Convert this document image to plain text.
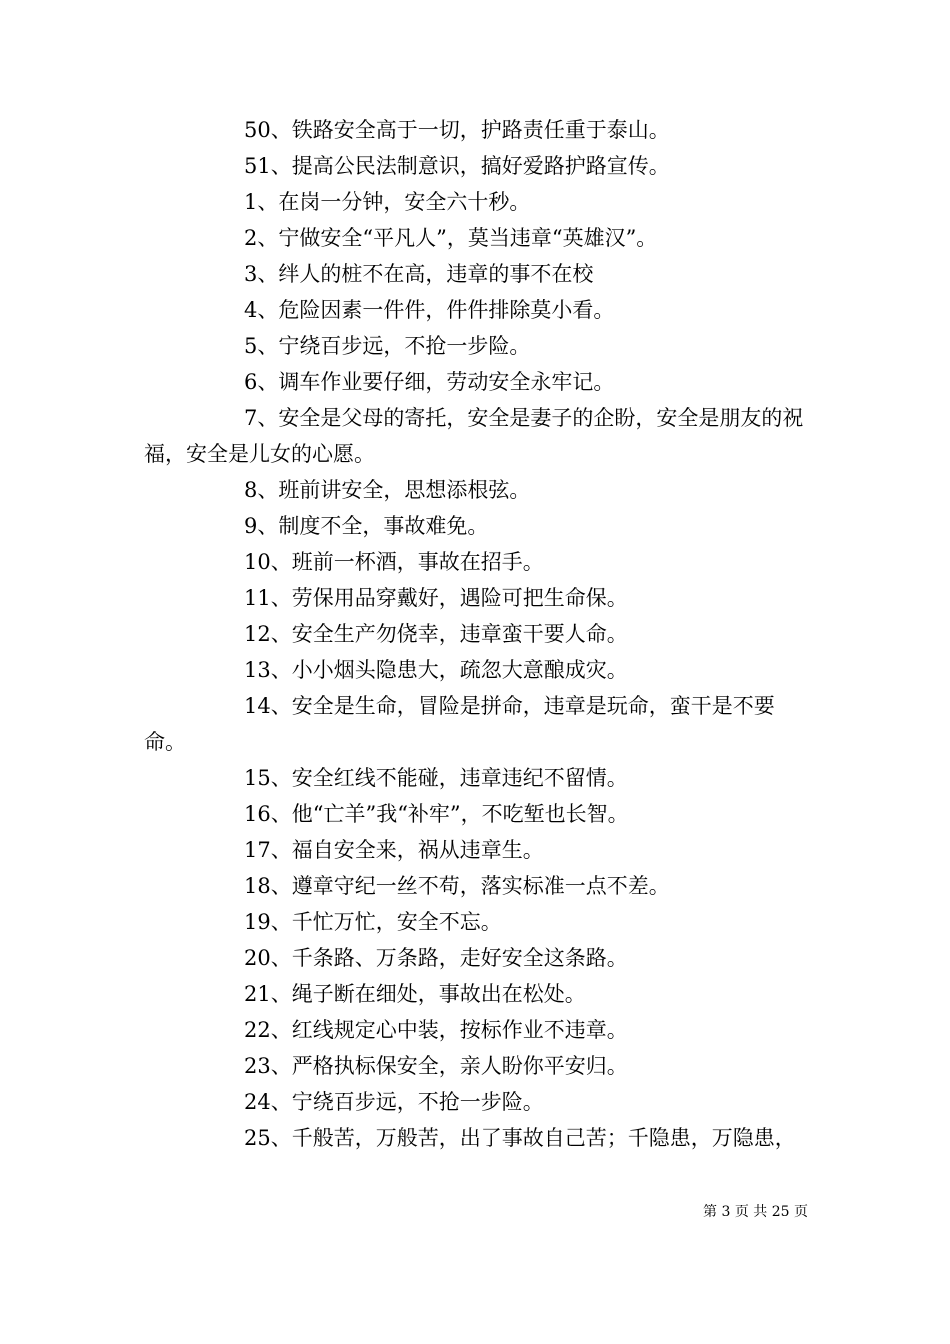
50、铁路安全高于一切，护路责任重于泰山。

51、提高公民法制意识，搞好爱路护路宣传。

1、在岗一分钟，安全六十秒。

2、宁做安全“平凡人”，莫当违章“英雄汉”。

3、绊人的桩不在高，违章的事不在校

4、危险因素一件件，件件排除莫小看。

5、宁绕百步远，不抢一步险。

6、调车作业要仔细，劳动安全永牢记。

7、安全是父母的寄托，安全是妻子的企盼，安全是朋友的祝福，安全是儿女的心愿。

8、班前讲安全，思想添根弦。

9、制度不全，事故难免。

10、班前一杯酒，事故在招手。

11、劳保用品穿戴好，遇险可把生命保。

12、安全生产勿侥幸，违章蛮干要人命。

13、小小烟头隐患大，疏忽大意酿成灾。

14、安全是生命，冒险是拼命，违章是玩命，蛮干是不要命。

15、安全红线不能碰，违章违纪不留情。

16、他“亡羊”我“补牢”，不吃堑也长智。

17、福自安全来，祸从违章生。

18、遵章守纪一丝不苟，落实标准一点不差。

19、千忙万忙，安全不忘。

20、千条路、万条路，走好安全这条路。

21、绳子断在细处，事故出在松处。

22、红线规定心中装，按标作业不违章。

23、严格执标保安全，亲人盼你平安归。

24、宁绕百步远，不抢一步险。

25、千般苦，万般苦，出了事故自己苦；千隐患，万隐患，

第 3 页 共 25 页
